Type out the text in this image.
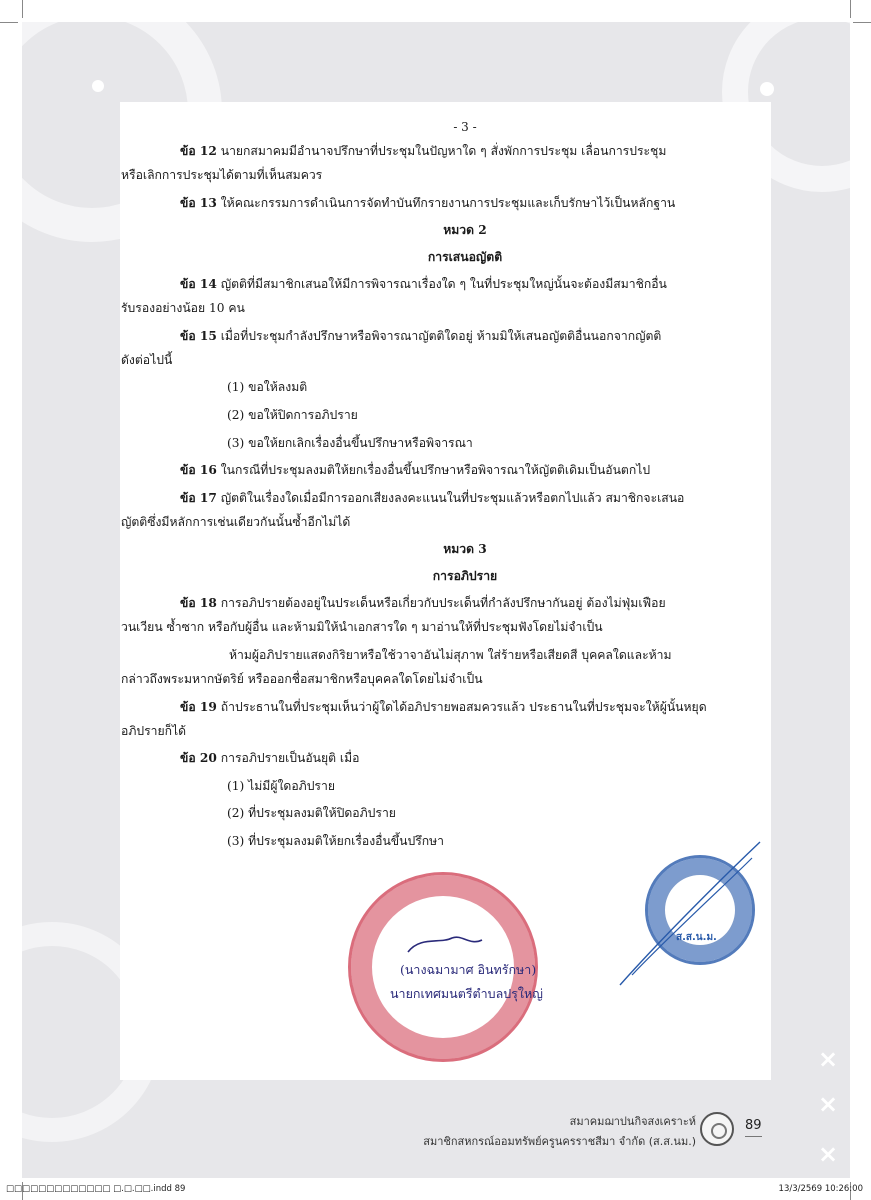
×
×
×
- 3 -
ข้อ 12 นายกสมาคมมีอำนาจปรึกษาที่ประชุมในปัญหาใด ๆ สั่งพักการประชุม เลื่อนการประชุม
หรือเลิกการประชุมได้ตามที่เห็นสมควร
ข้อ 13 ให้คณะกรรมการดำเนินการจัดทำบันทึกรายงานการประชุมและเก็บรักษาไว้เป็นหลักฐาน
หมวด 2
การเสนอญัตติ
ข้อ 14 ญัตติที่มีสมาชิกเสนอให้มีการพิจารณาเรื่องใด ๆ ในที่ประชุมใหญ่นั้นจะต้องมีสมาชิกอื่น
รับรองอย่างน้อย 10 คน
ข้อ 15 เมื่อที่ประชุมกำลังปรึกษาหรือพิจารณาญัตติใดอยู่ ห้ามมิให้เสนอญัตติอื่นนอกจากญัตติ
ดังต่อไปนี้
(1) ขอให้ลงมติ
(2) ขอให้ปิดการอภิปราย
(3) ขอให้ยกเลิกเรื่องอื่นขึ้นปรึกษาหรือพิจารณา
ข้อ 16 ในกรณีที่ประชุมลงมติให้ยกเรื่องอื่นขึ้นปรึกษาหรือพิจารณาให้ญัตติเดิมเป็นอันตกไป
ข้อ 17 ญัตติในเรื่องใดเมื่อมีการออกเสียงลงคะแนนในที่ประชุมแล้วหรือตกไปแล้ว สมาชิกจะเสนอ
ญัตติซึ่งมีหลักการเช่นเดียวกันนั้นซ้ำอีกไม่ได้
หมวด 3
การอภิปราย
ข้อ 18 การอภิปรายต้องอยู่ในประเด็นหรือเกี่ยวกับประเด็นที่กำลังปรึกษากันอยู่ ต้องไม่ฟุ่มเฟือย
วนเวียน ซ้ำซาก หรือกับผู้อื่น และห้ามมิให้นำเอกสารใด ๆ มาอ่านให้ที่ประชุมฟังโดยไม่จำเป็น
ห้ามผู้อภิปรายแสดงกิริยาหรือใช้วาจาอันไม่สุภาพ ใส่ร้ายหรือเสียดสี บุคคลใดและห้าม
กล่าวถึงพระมหากษัตริย์ หรือออกชื่อสมาชิกหรือบุคคลใดโดยไม่จำเป็น
ข้อ 19 ถ้าประธานในที่ประชุมเห็นว่าผู้ใดได้อภิปรายพอสมควรแล้ว ประธานในที่ประชุมจะให้ผู้นั้นหยุด
อภิปรายก็ได้
ข้อ 20 การอภิปรายเป็นอันยุติ เมื่อ
(1) ไม่มีผู้ใดอภิปราย
(2) ที่ประชุมลงมติให้ปิดอภิปราย
(3) ที่ประชุมลงมติให้ยกเรื่องอื่นขึ้นปรึกษา
ส.ส.น.ม.
(นางฉมามาศ อินทรักษา)
นายกเทศมนตรีตำบลปรุใหญ่
สมาคมฌาปนกิจสงเคราะห์
สมาชิกสหกรณ์ออมทรัพย์ครูนครราชสีมา จำกัด (ส.ส.นม.)
89
□□□□□□□□□□□□□ □.□.□□.indd 89	13/3/2569 10:26:00
